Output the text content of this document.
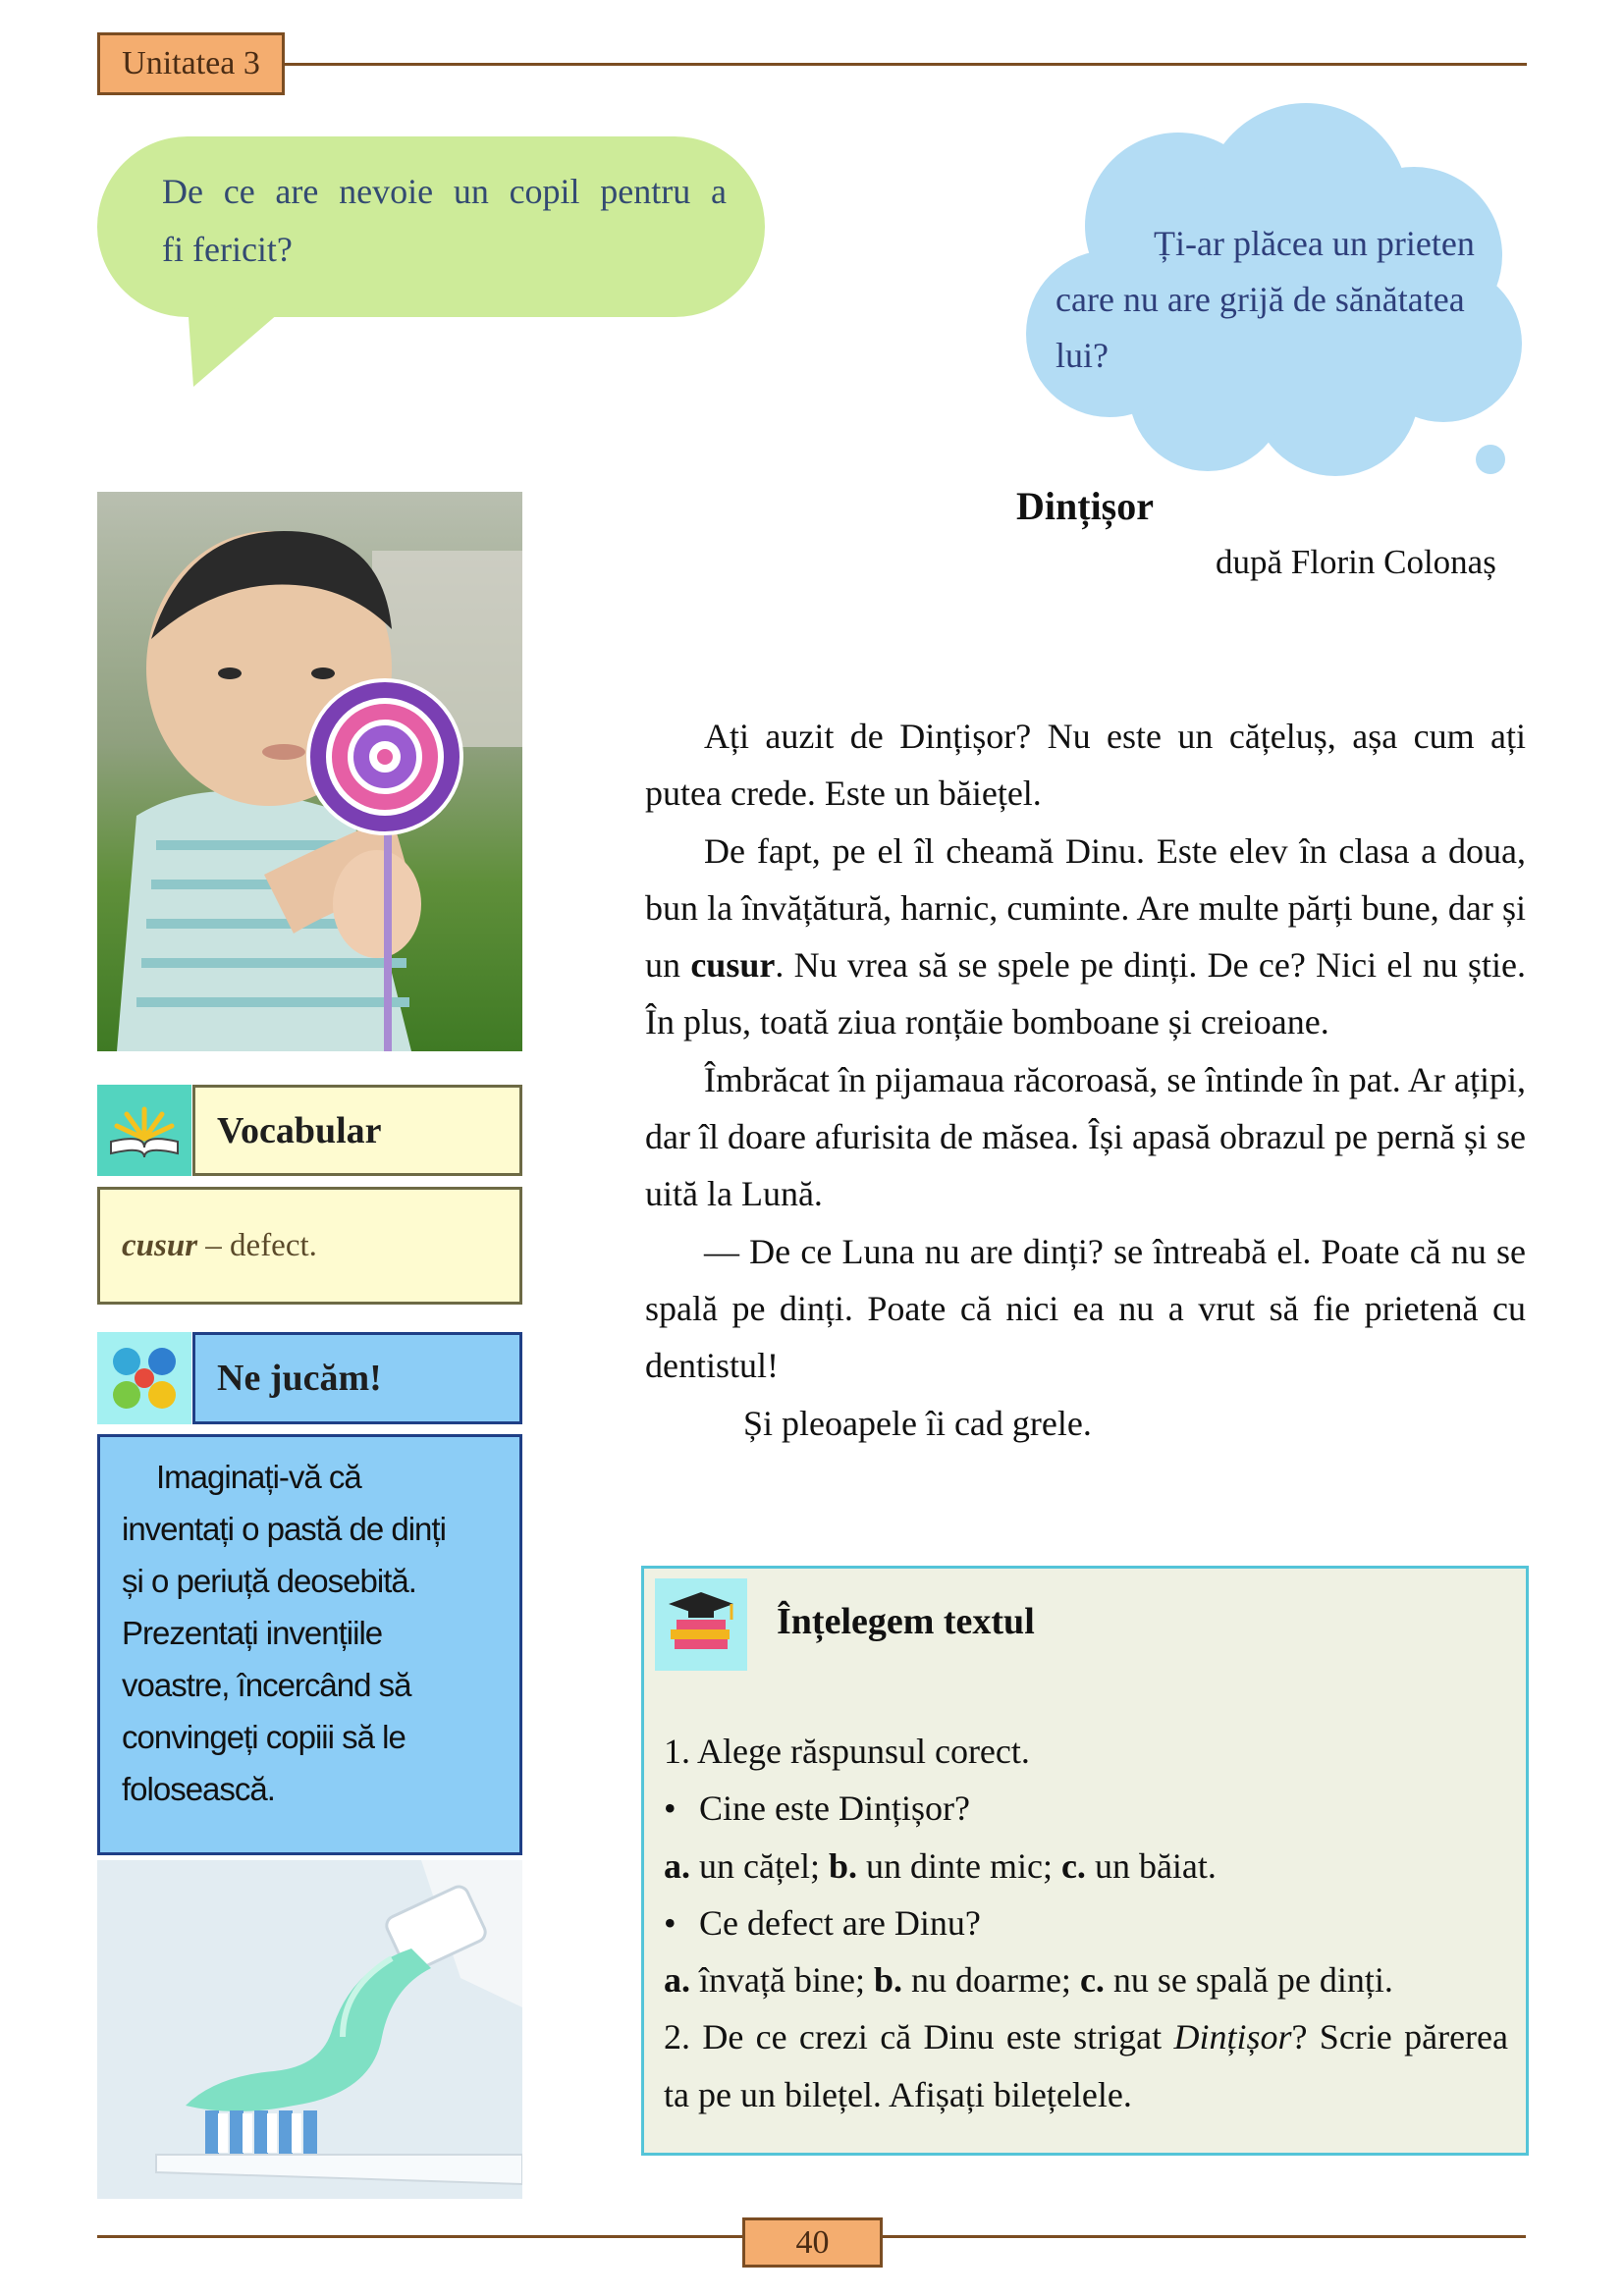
Unitatea 3
De ce are nevoie un copil pentru a
fi fericit?	Ți-ar plăcea un prieten care nu are grijă de sănătatea lui?
Vocabular
cusur – defect.
Ne jucăm!
Imaginați-vă că
inventați o pastă de dinți
și o periuță deosebită.
Prezentați invențiile
voastre, încercând să
convingeți copiii să le
folosească.
Dințișor
după Florin Colonaș

Ați auzit de Dințișor? Nu este un cățeluș, așa cum ați putea crede. Este un băiețel.

De fapt, pe el îl cheamă Dinu. Este elev în clasa a doua, bun la învățătură, harnic, cuminte. Are multe părți bune, dar și un cusur. Nu vrea să se spele pe dinți. De ce? Nici el nu știe. În plus, toată ziua ronțăie bomboane și creioane.

Îmbrăcat în pijamaua răcoroasă, se întinde în pat. Ar ațipi, dar îl doare afurisita de măsea. Își apasă obrazul pe pernă și se uită la Lună.

— De ce Luna nu are dinți? se întreabă el. Poate că nu se spală pe dinți. Poate că nici ea nu a vrut să fie prietenă cu dentistul!

Și pleoapele îi cad grele.

Înțelegem textul

1. Alege răspunsul corect.

• Cine este Dințișor?

a. un cățel; b. un dinte mic; c. un băiat.

• Ce defect are Dinu?

a. învață bine; b. nu doarme; c. nu se spală pe dinți.

2. De ce crezi că Dinu este strigat Dințișor? Scrie părerea ta pe un bilețel. Afișați bilețelele.

40
